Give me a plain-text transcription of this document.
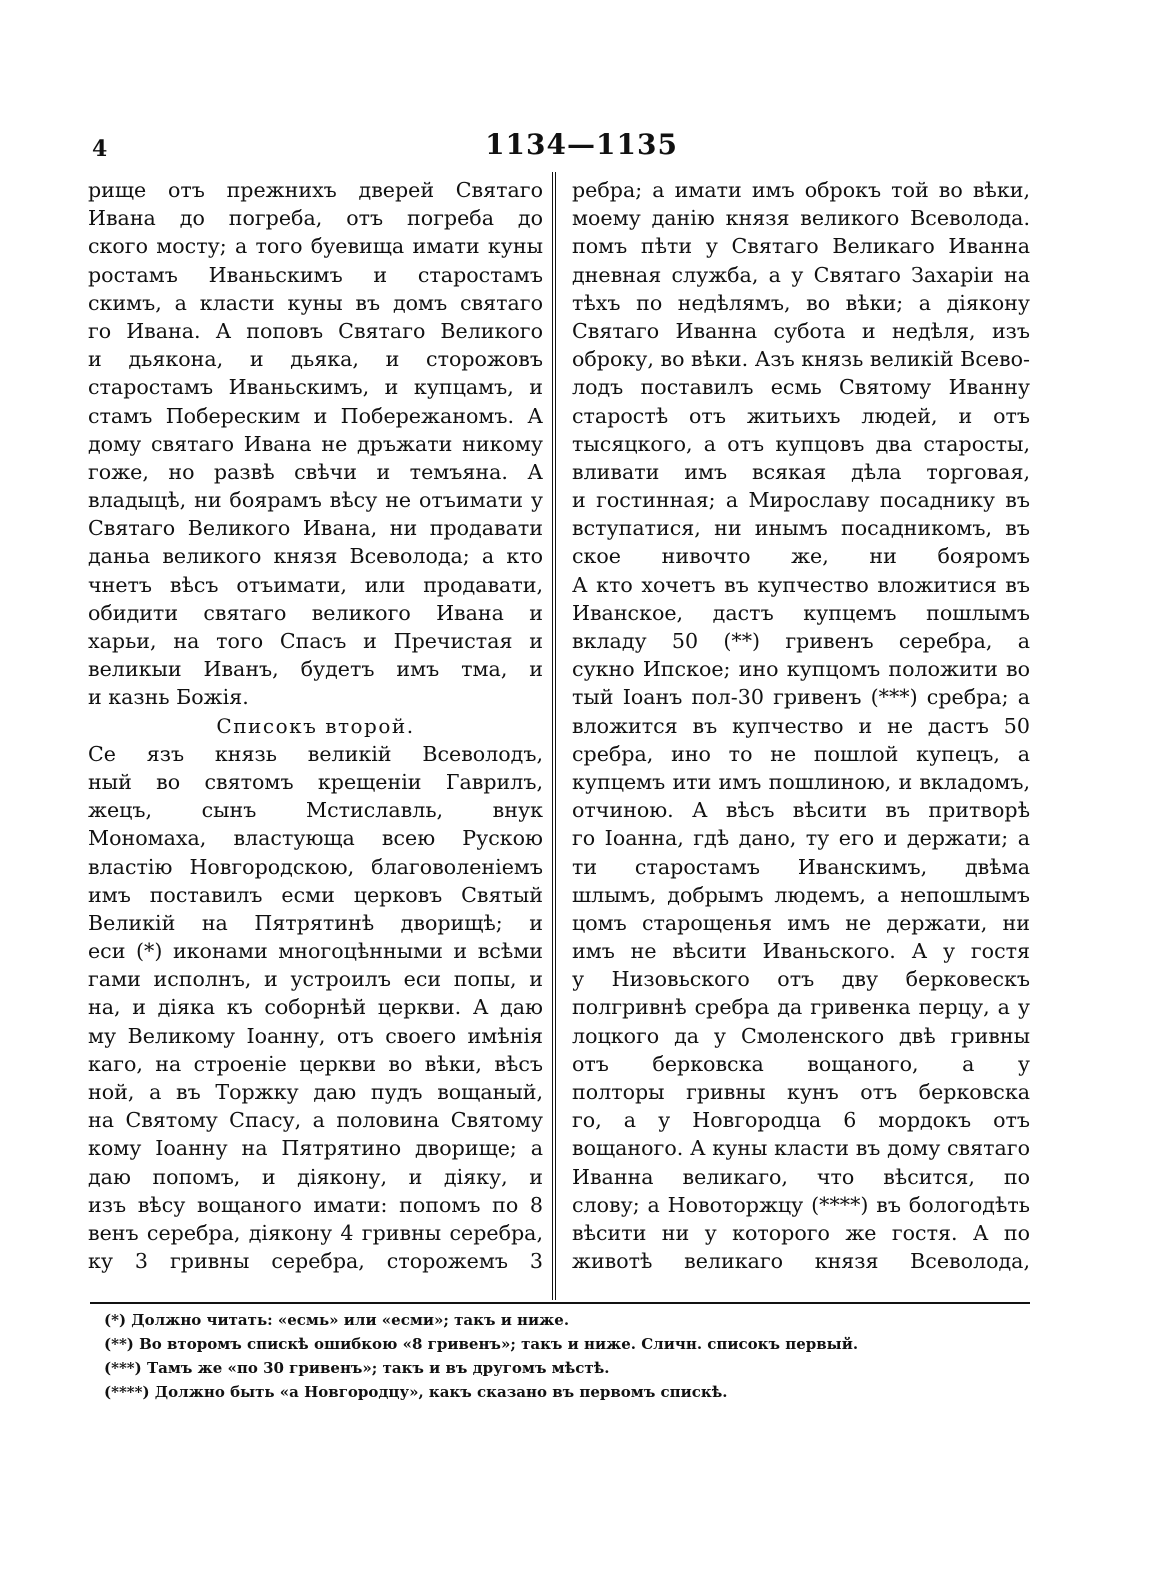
4	1134—1135
рище отъ прежнихъ дверей Святаго
Ивана до погреба, отъ погреба до
ского мосту; а того буевища имати куны
ростамъ Иваньскимъ и старостамъ
скимъ, а класти куны въ домъ святаго
го Ивана. А поповъ Святаго Великого
и дьякона, и дьяка, и сторожовъ
старостамъ Иваньскимъ, и купцамъ, и
стамъ Побереским и Побережаномъ. А
дому святаго Ивана не дръжати никому
гоже, но развѣ свѣчи и темъяна. А
владыцѣ, ни боярамъ вѣсу не отъимати у
Святаго Великого Ивана, ни продавати
даньа великого князя Всеволода; а кто
чнетъ вѣсъ отъимати, или продавати,
обидити святаго великого Ивана и
харьи, на того Спасъ и Пречистая и
великыи Иванъ, будетъ имъ тма, и
и казнь Божія.
Списокъ второй.
Се язъ князь великій Всеволодъ,
ный во святомъ крещеніи Гаврилъ,
жецъ, сынъ Мстиславль, внук
Мономаха, властующа всею Рускою
властію Новгородскою, благоволеніемъ
имъ поставилъ есми церковъ Святый
Великій на Пятрятинѣ дворищѣ; и
еси (*) иконами многоцѣнными и всѣми
гами исполнъ, и устроилъ еси попы, и
на, и діяка къ соборнѣй церкви. А даю
му Великому Іоанну, отъ своего имѣнія
каго, на строеніе церкви во вѣки, вѣсъ
ной, а въ Торжку даю пудъ вощаный,
на Святому Спасу, а половина Святому
кому Іоанну на Пятрятино дворище; а
даю попомъ, и діякону, и діяку, и
изъ вѣсу вощаного имати: попомъ по 8
венъ серебра, діякону 4 гривны серебра,
ку 3 гривны серебра, сторожемъ 3
ребра; а имати имъ оброкъ той во вѣки,
моему данію князя великого Всеволода.
помъ пѣти у Святаго Великаго Иванна
дневная служба, а у Святаго Захаріи на
тѣхъ по недѣлямъ, во вѣки; а діякону
Святаго Иванна субота и недѣля, изъ
оброку, во вѣки. Азъ князь великій Всево-
лодъ поставилъ есмь Святому Иванну
старостѣ отъ житьихъ людей, и отъ
тысяцкого, а отъ купцовъ два старосты,
вливати имъ всякая дѣла торговая,
и гостинная; а Мирославу посаднику въ
вступатися, ни инымъ посадникомъ, въ
ское нивочто же, ни бояромъ
А кто хочетъ въ купчество вложитися въ
Иванское, дастъ купцемъ пошлымъ
вкладу 50 (**) гривенъ серебра, а
сукно Ипское; ино купцомъ положити во
тый Іоанъ пол-30 гривенъ (***) сребра; а
вложится въ купчество и не дастъ 50
сребра, ино то не пошлой купецъ, а
купцемъ ити имъ пошлиною, и вкладомъ,
отчиною. А вѣсъ вѣсити въ притворѣ
го Іоанна, гдѣ дано, ту его и держати; а
ти старостамъ Иванскимъ, двѣма
шлымъ, добрымъ людемъ, а непошлымъ
цомъ старощенья имъ не держати, ни
имъ не вѣсити Иваньского. А у гостя
у Низовьского отъ дву берковескъ
полгривнѣ сребра да гривенка перцу, а у
лоцкого да у Смоленского двѣ гривны
отъ берковска вощаного, а у
полторы гривны кунъ отъ берковска
го, а у Новгородца 6 мордокъ отъ
вощаного. А куны класти въ дому святаго
Иванна великаго, что вѣсится, по
слову; а Новоторжцу (****) въ бологодѣть
вѣсити ни у которого же гостя. А по
животѣ великаго князя Всеволода,
(*) Должно читать: «есмь» или «есми»; такъ и ниже.
(**) Во второмъ спискѣ ошибкою «8 гривенъ»; такъ и ниже. Сличн. списокъ первый.
(***) Тамъ же «по 30 гривенъ»; такъ и въ другомъ мѣстѣ.
(****) Должно быть «а Новгородцу», какъ сказано въ первомъ спискѣ.
